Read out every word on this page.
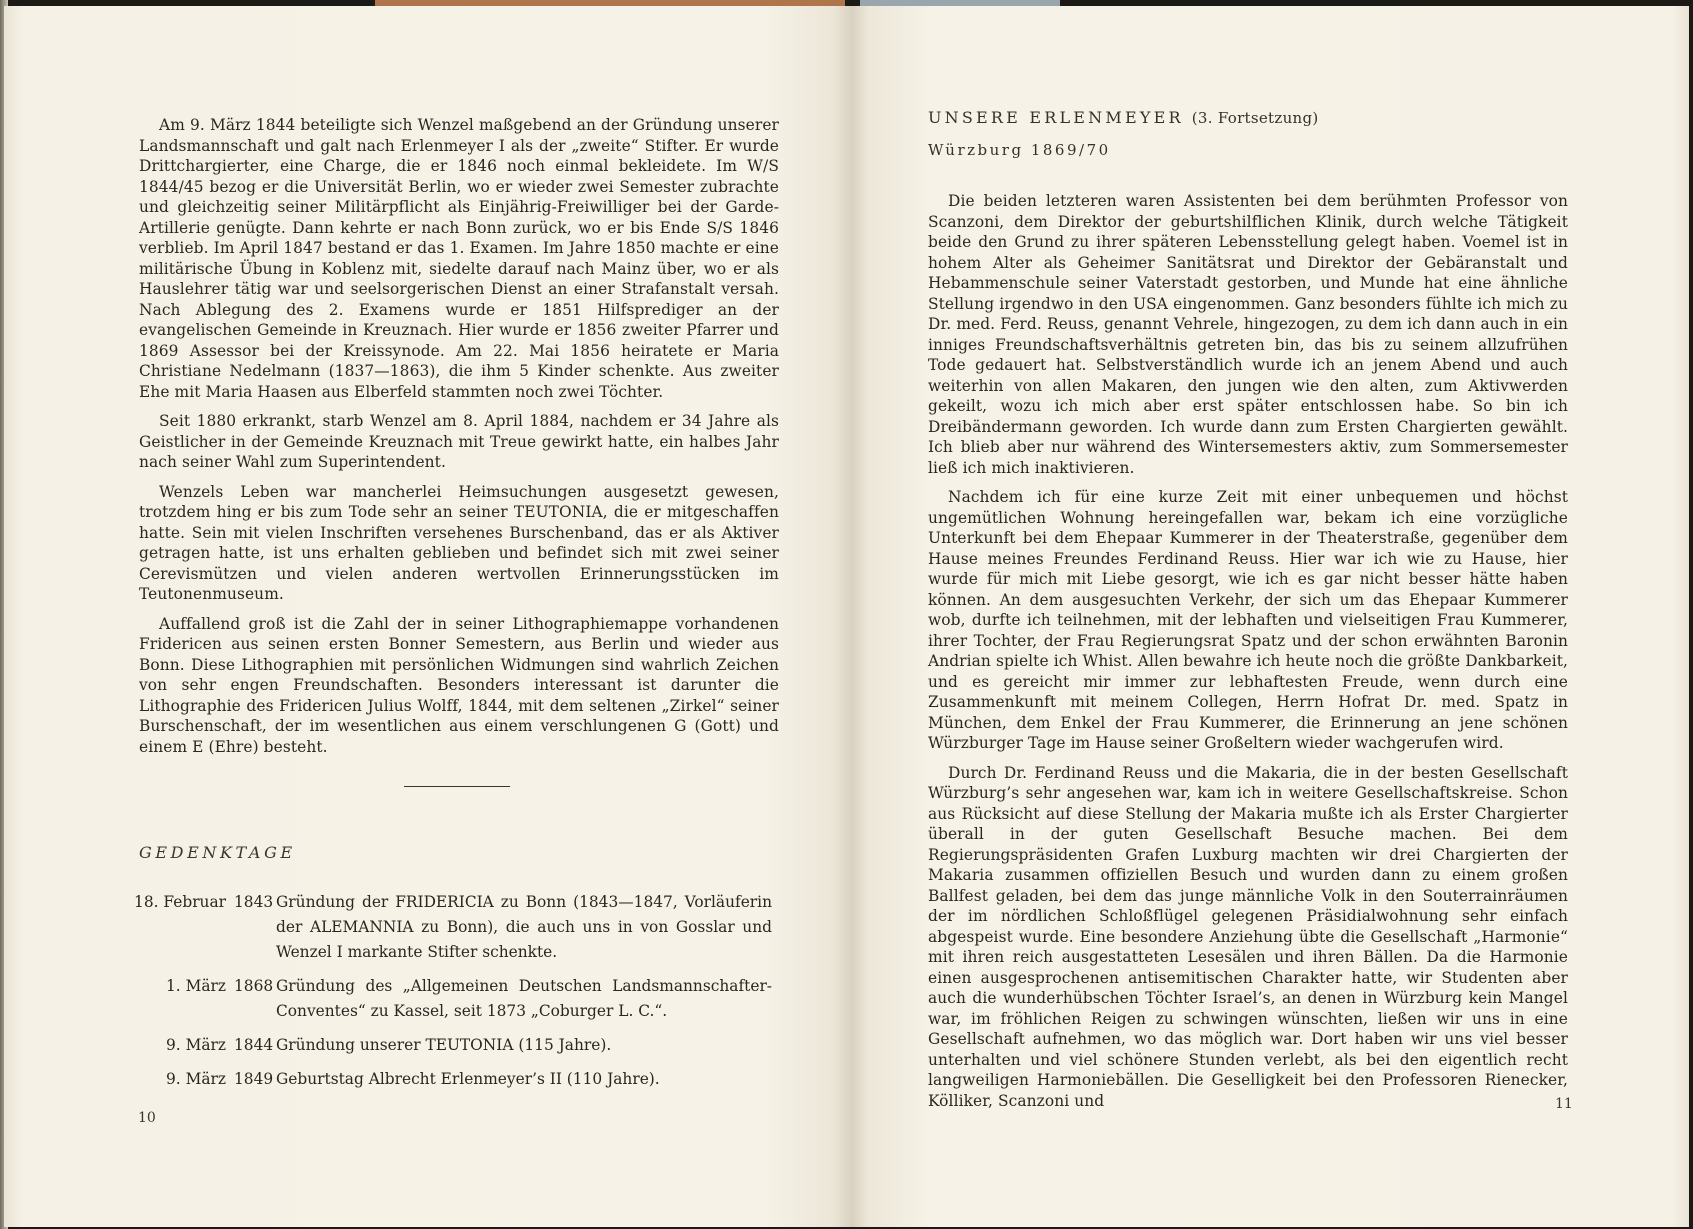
Am 9. März 1844 beteiligte sich Wenzel maßgebend an der Gründung unserer Landsmannschaft und galt nach Erlenmeyer I als der „zweite“ Stifter. Er wurde Drittchargierter, eine Charge, die er 1846 noch einmal bekleidete. Im W/S 1844/45 bezog er die Universität Berlin, wo er wieder zwei Semester zubrachte und gleichzeitig seiner Militärpflicht als Einjährig-Freiwilliger bei der Garde-Artillerie genügte. Dann kehrte er nach Bonn zurück, wo er bis Ende S/S 1846 verblieb. Im April 1847 bestand er das 1. Examen. Im Jahre 1850 machte er eine militärische Übung in Koblenz mit, siedelte darauf nach Mainz über, wo er als Hauslehrer tätig war und seelsorgerischen Dienst an einer Strafanstalt versah. Nach Ablegung des 2. Examens wurde er 1851 Hilfsprediger an der evangelischen Gemeinde in Kreuznach. Hier wurde er 1856 zweiter Pfarrer und 1869 Assessor bei der Kreissynode. Am 22. Mai 1856 heiratete er Maria Christiane Nedelmann (1837—1863), die ihm 5 Kinder schenkte. Aus zweiter Ehe mit Maria Haasen aus Elberfeld stammten noch zwei Töchter.

Seit 1880 erkrankt, starb Wenzel am 8. April 1884, nachdem er 34 Jahre als Geistlicher in der Gemeinde Kreuznach mit Treue gewirkt hatte, ein halbes Jahr nach seiner Wahl zum Superintendent.

Wenzels Leben war mancherlei Heimsuchungen ausgesetzt gewesen, trotzdem hing er bis zum Tode sehr an seiner TEUTONIA, die er mitgeschaffen hatte. Sein mit vielen Inschriften versehenes Burschenband, das er als Aktiver getragen hatte, ist uns erhalten geblieben und befindet sich mit zwei seiner Cerevismützen und vielen anderen wertvollen Erinnerungsstücken im Teutonenmuseum.

Auffallend groß ist die Zahl der in seiner Lithographiemappe vorhandenen Fridericen aus seinen ersten Bonner Semestern, aus Berlin und wieder aus Bonn. Diese Lithographien mit persönlichen Widmungen sind wahrlich Zeichen von sehr engen Freundschaften. Besonders interessant ist darunter die Lithographie des Fridericen Julius Wolff, 1844, mit dem seltenen „Zirkel“ seiner Burschenschaft, der im wesentlichen aus einem verschlungenen G (Gott) und einem E (Ehre) besteht.

GEDENKTAGE
18. Februar 1843 Gründung der FRIDERICIA zu Bonn (1843—1847, Vorläuferin der ALEMANNIA zu Bonn), die auch uns in von Gosslar und Wenzel I markante Stifter schenkte.
1. März 1868 Gründung des „Allgemeinen Deutschen Landsmannschafter-Conventes“ zu Kassel, seit 1873 „Coburger L. C.“.
9. März 1844 Gründung unserer TEUTONIA (115 Jahre).
9. März 1849 Geburtstag Albrecht Erlenmeyer’s II (110 Jahre).
10
UNSERE ERLENMEYER (3. Fortsetzung)
Würzburg 1869/70

Die beiden letzteren waren Assistenten bei dem berühmten Professor von Scanzoni, dem Direktor der geburtshilflichen Klinik, durch welche Tätigkeit beide den Grund zu ihrer späteren Lebensstellung gelegt haben. Voemel ist in hohem Alter als Geheimer Sanitätsrat und Direktor der Gebäranstalt und Hebammenschule seiner Vaterstadt gestorben, und Munde hat eine ähnliche Stellung irgendwo in den USA eingenommen. Ganz besonders fühlte ich mich zu Dr. med. Ferd. Reuss, genannt Vehrele, hingezogen, zu dem ich dann auch in ein inniges Freundschaftsverhältnis getreten bin, das bis zu seinem allzufrühen Tode gedauert hat. Selbstverständlich wurde ich an jenem Abend und auch weiterhin von allen Makaren, den jungen wie den alten, zum Aktivwerden gekeilt, wozu ich mich aber erst später entschlossen habe. So bin ich Dreibändermann geworden. Ich wurde dann zum Ersten Chargierten gewählt. Ich blieb aber nur während des Wintersemesters aktiv, zum Sommersemester ließ ich mich inaktivieren.

Nachdem ich für eine kurze Zeit mit einer unbequemen und höchst ungemütlichen Wohnung hereingefallen war, bekam ich eine vorzügliche Unterkunft bei dem Ehepaar Kummerer in der Theaterstraße, gegenüber dem Hause meines Freundes Ferdinand Reuss. Hier war ich wie zu Hause, hier wurde für mich mit Liebe gesorgt, wie ich es gar nicht besser hätte haben können. An dem ausgesuchten Verkehr, der sich um das Ehepaar Kummerer wob, durfte ich teilnehmen, mit der lebhaften und vielseitigen Frau Kummerer, ihrer Tochter, der Frau Regierungsrat Spatz und der schon erwähnten Baronin Andrian spielte ich Whist. Allen bewahre ich heute noch die größte Dankbarkeit, und es gereicht mir immer zur lebhaftesten Freude, wenn durch eine Zusammenkunft mit meinem Collegen, Herrn Hofrat Dr. med. Spatz in München, dem Enkel der Frau Kummerer, die Erinnerung an jene schönen Würzburger Tage im Hause seiner Großeltern wieder wachgerufen wird.

Durch Dr. Ferdinand Reuss und die Makaria, die in der besten Gesellschaft Würzburg’s sehr angesehen war, kam ich in weitere Gesellschaftskreise. Schon aus Rücksicht auf diese Stellung der Makaria mußte ich als Erster Chargierter überall in der guten Gesellschaft Besuche machen. Bei dem Regierungspräsidenten Grafen Luxburg machten wir drei Chargierten der Makaria zusammen offiziellen Besuch und wurden dann zu einem großen Ballfest geladen, bei dem das junge männliche Volk in den Souterrainräumen der im nördlichen Schloßflügel gelegenen Präsidialwohnung sehr einfach abgespeist wurde. Eine besondere Anziehung übte die Gesellschaft „Harmonie“ mit ihren reich ausgestatteten Lesesälen und ihren Bällen. Da die Harmonie einen ausgesprochenen antisemitischen Charakter hatte, wir Studenten aber auch die wunderhübschen Töchter Israel’s, an denen in Würzburg kein Mangel war, im fröhlichen Reigen zu schwingen wünschten, ließen wir uns in eine Gesellschaft aufnehmen, wo das möglich war. Dort haben wir uns viel besser unterhalten und viel schönere Stunden verlebt, als bei den eigentlich recht langweiligen Harmoniebällen. Die Geselligkeit bei den Professoren Rienecker, Kölliker, Scanzoni und	11
